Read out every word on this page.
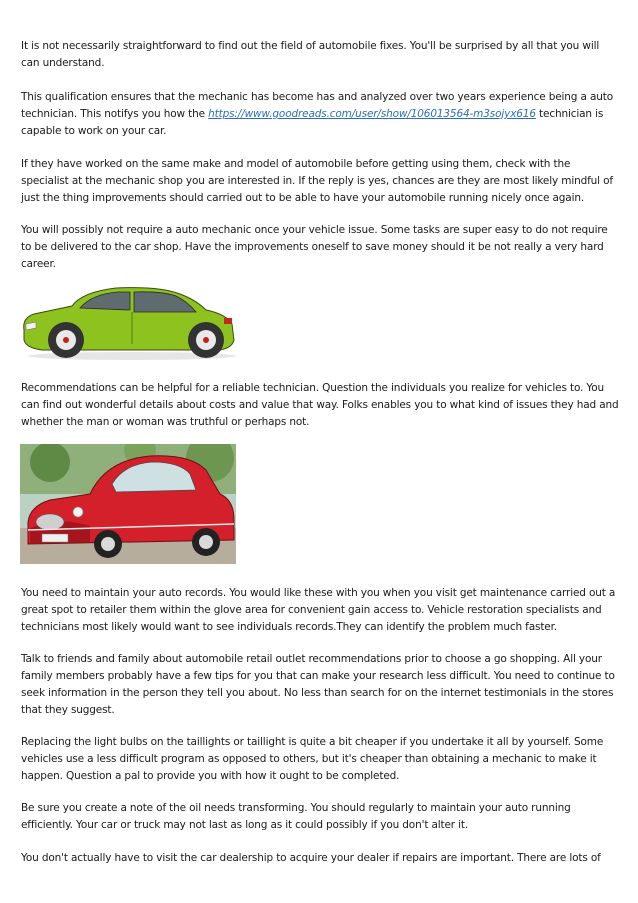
It is not necessarily straightforward to find out the field of automobile fixes. You'll be surprised by all that you will can understand.

This qualification ensures that the mechanic has become has and analyzed over two years experience being a auto technician. This notifys you how the https://www.goodreads.com/user/show/106013564-m3sojyx616 technician is capable to work on your car.

If they have worked on the same make and model of automobile before getting using them, check with the specialist at the mechanic shop you are interested in. If the reply is yes, chances are they are most likely mindful of just the thing improvements should carried out to be able to have your automobile running nicely once again.

You will possibly not require a auto mechanic once your vehicle issue. Some tasks are super easy to do not require to be delivered to the car shop. Have the improvements oneself to save money should it be not really a very hard career.

Recommendations can be helpful for a reliable technician. Question the individuals you realize for vehicles to. You can find out wonderful details about costs and value that way. Folks enables you to what kind of issues they had and whether the man or woman was truthful or perhaps not.

You need to maintain your auto records. You would like these with you when you visit get maintenance carried out a great spot to retailer them within the glove area for convenient gain access to. Vehicle restoration specialists and technicians most likely would want to see individuals records.They can identify the problem much faster.

Talk to friends and family about automobile retail outlet recommendations prior to choose a go shopping. All your family members probably have a few tips for you that can make your research less difficult. You need to continue to seek information in the person they tell you about. No less than search for on the internet testimonials in the stores that they suggest.

Replacing the light bulbs on the taillights or taillight is quite a bit cheaper if you undertake it all by yourself. Some vehicles use a less difficult program as opposed to others, but it's cheaper than obtaining a mechanic to make it happen. Question a pal to provide you with how it ought to be completed.

Be sure you create a note of the oil needs transforming. You should regularly to maintain your auto running efficiently. Your car or truck may not last as long as it could possibly if you don't alter it.

You don't actually have to visit the car dealership to acquire your dealer if repairs are important. There are lots of
